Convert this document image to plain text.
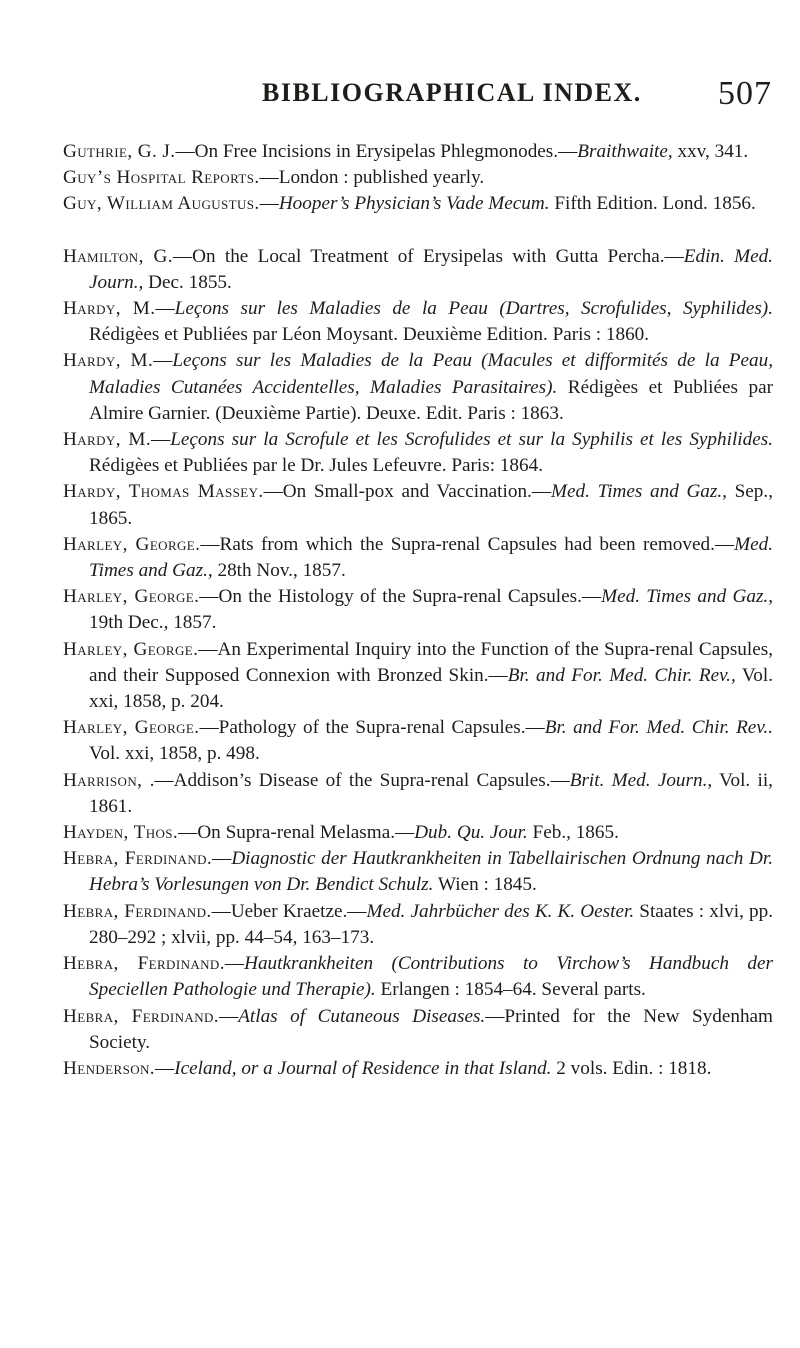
BIBLIOGRAPHICAL INDEX. 507
Guthrie, G. J.—On Free Incisions in Erysipelas Phlegmonodes.—Braithwaite, xxv, 341.
Guy’s Hospital Reports.—London : published yearly.
Guy, William Augustus.—Hooper’s Physician’s Vade Mecum. Fifth Edition. Lond. 1856.
Hamilton, G.—On the Local Treatment of Erysipelas with Gutta Percha.—Edin. Med. Journ., Dec. 1855.
Hardy, M.—Leçons sur les Maladies de la Peau (Dartres, Scrofulides, Syphilides). Rédigèes et Publiées par Léon Moysant. Deuxième Edition. Paris : 1860.
Hardy, M.—Leçons sur les Maladies de la Peau (Macules et difformités de la Peau, Maladies Cutanées Accidentelles, Maladies Parasitaires). Rédigèes et Publiées par Almire Garnier. (Deuxième Partie). Deuxe. Edit. Paris : 1863.
Hardy, M.—Leçons sur la Scrofule et les Scrofulides et sur la Syphilis et les Syphilides. Rédigèes et Publiées par le Dr. Jules Lefeuvre. Paris: 1864.
Hardy, Thomas Massey.—On Small-pox and Vaccination.—Med. Times and Gaz., Sep., 1865.
Harley, George.—Rats from which the Supra-renal Capsules had been removed.—Med. Times and Gaz., 28th Nov., 1857.
Harley, George.—On the Histology of the Supra-renal Capsules.—Med. Times and Gaz., 19th Dec., 1857.
Harley, George.—An Experimental Inquiry into the Function of the Supra-renal Capsules, and their Supposed Connexion with Bronzed Skin.—Br. and For. Med. Chir. Rev., Vol. xxi, 1858, p. 204.
Harley, George.—Pathology of the Supra-renal Capsules.—Br. and For. Med. Chir. Rev.. Vol. xxi, 1858, p. 498.
Harrison, .—Addison’s Disease of the Supra-renal Capsules.—Brit. Med. Journ., Vol. ii, 1861.
Hayden, Thos.—On Supra-renal Melasma.—Dub. Qu. Jour. Feb., 1865.
Hebra, Ferdinand.—Diagnostic der Hautkrankheiten in Tabellairischen Ordnung nach Dr. Hebra’s Vorlesungen von Dr. Bendict Schulz. Wien : 1845.
Hebra, Ferdinand.—Ueber Kraetze.—Med. Jahrbücher des K. K. Oester. Staates : xlvi, pp. 280–292 ; xlvii, pp. 44–54, 163–173.
Hebra, Ferdinand.—Hautkrankheiten (Contributions to Virchow’s Handbuch der Speciellen Pathologie und Therapie). Erlangen : 1854–64. Several parts.
Hebra, Ferdinand.—Atlas of Cutaneous Diseases.—Printed for the New Sydenham Society.
Henderson.—Iceland, or a Journal of Residence in that Island. 2 vols. Edin. : 1818.
